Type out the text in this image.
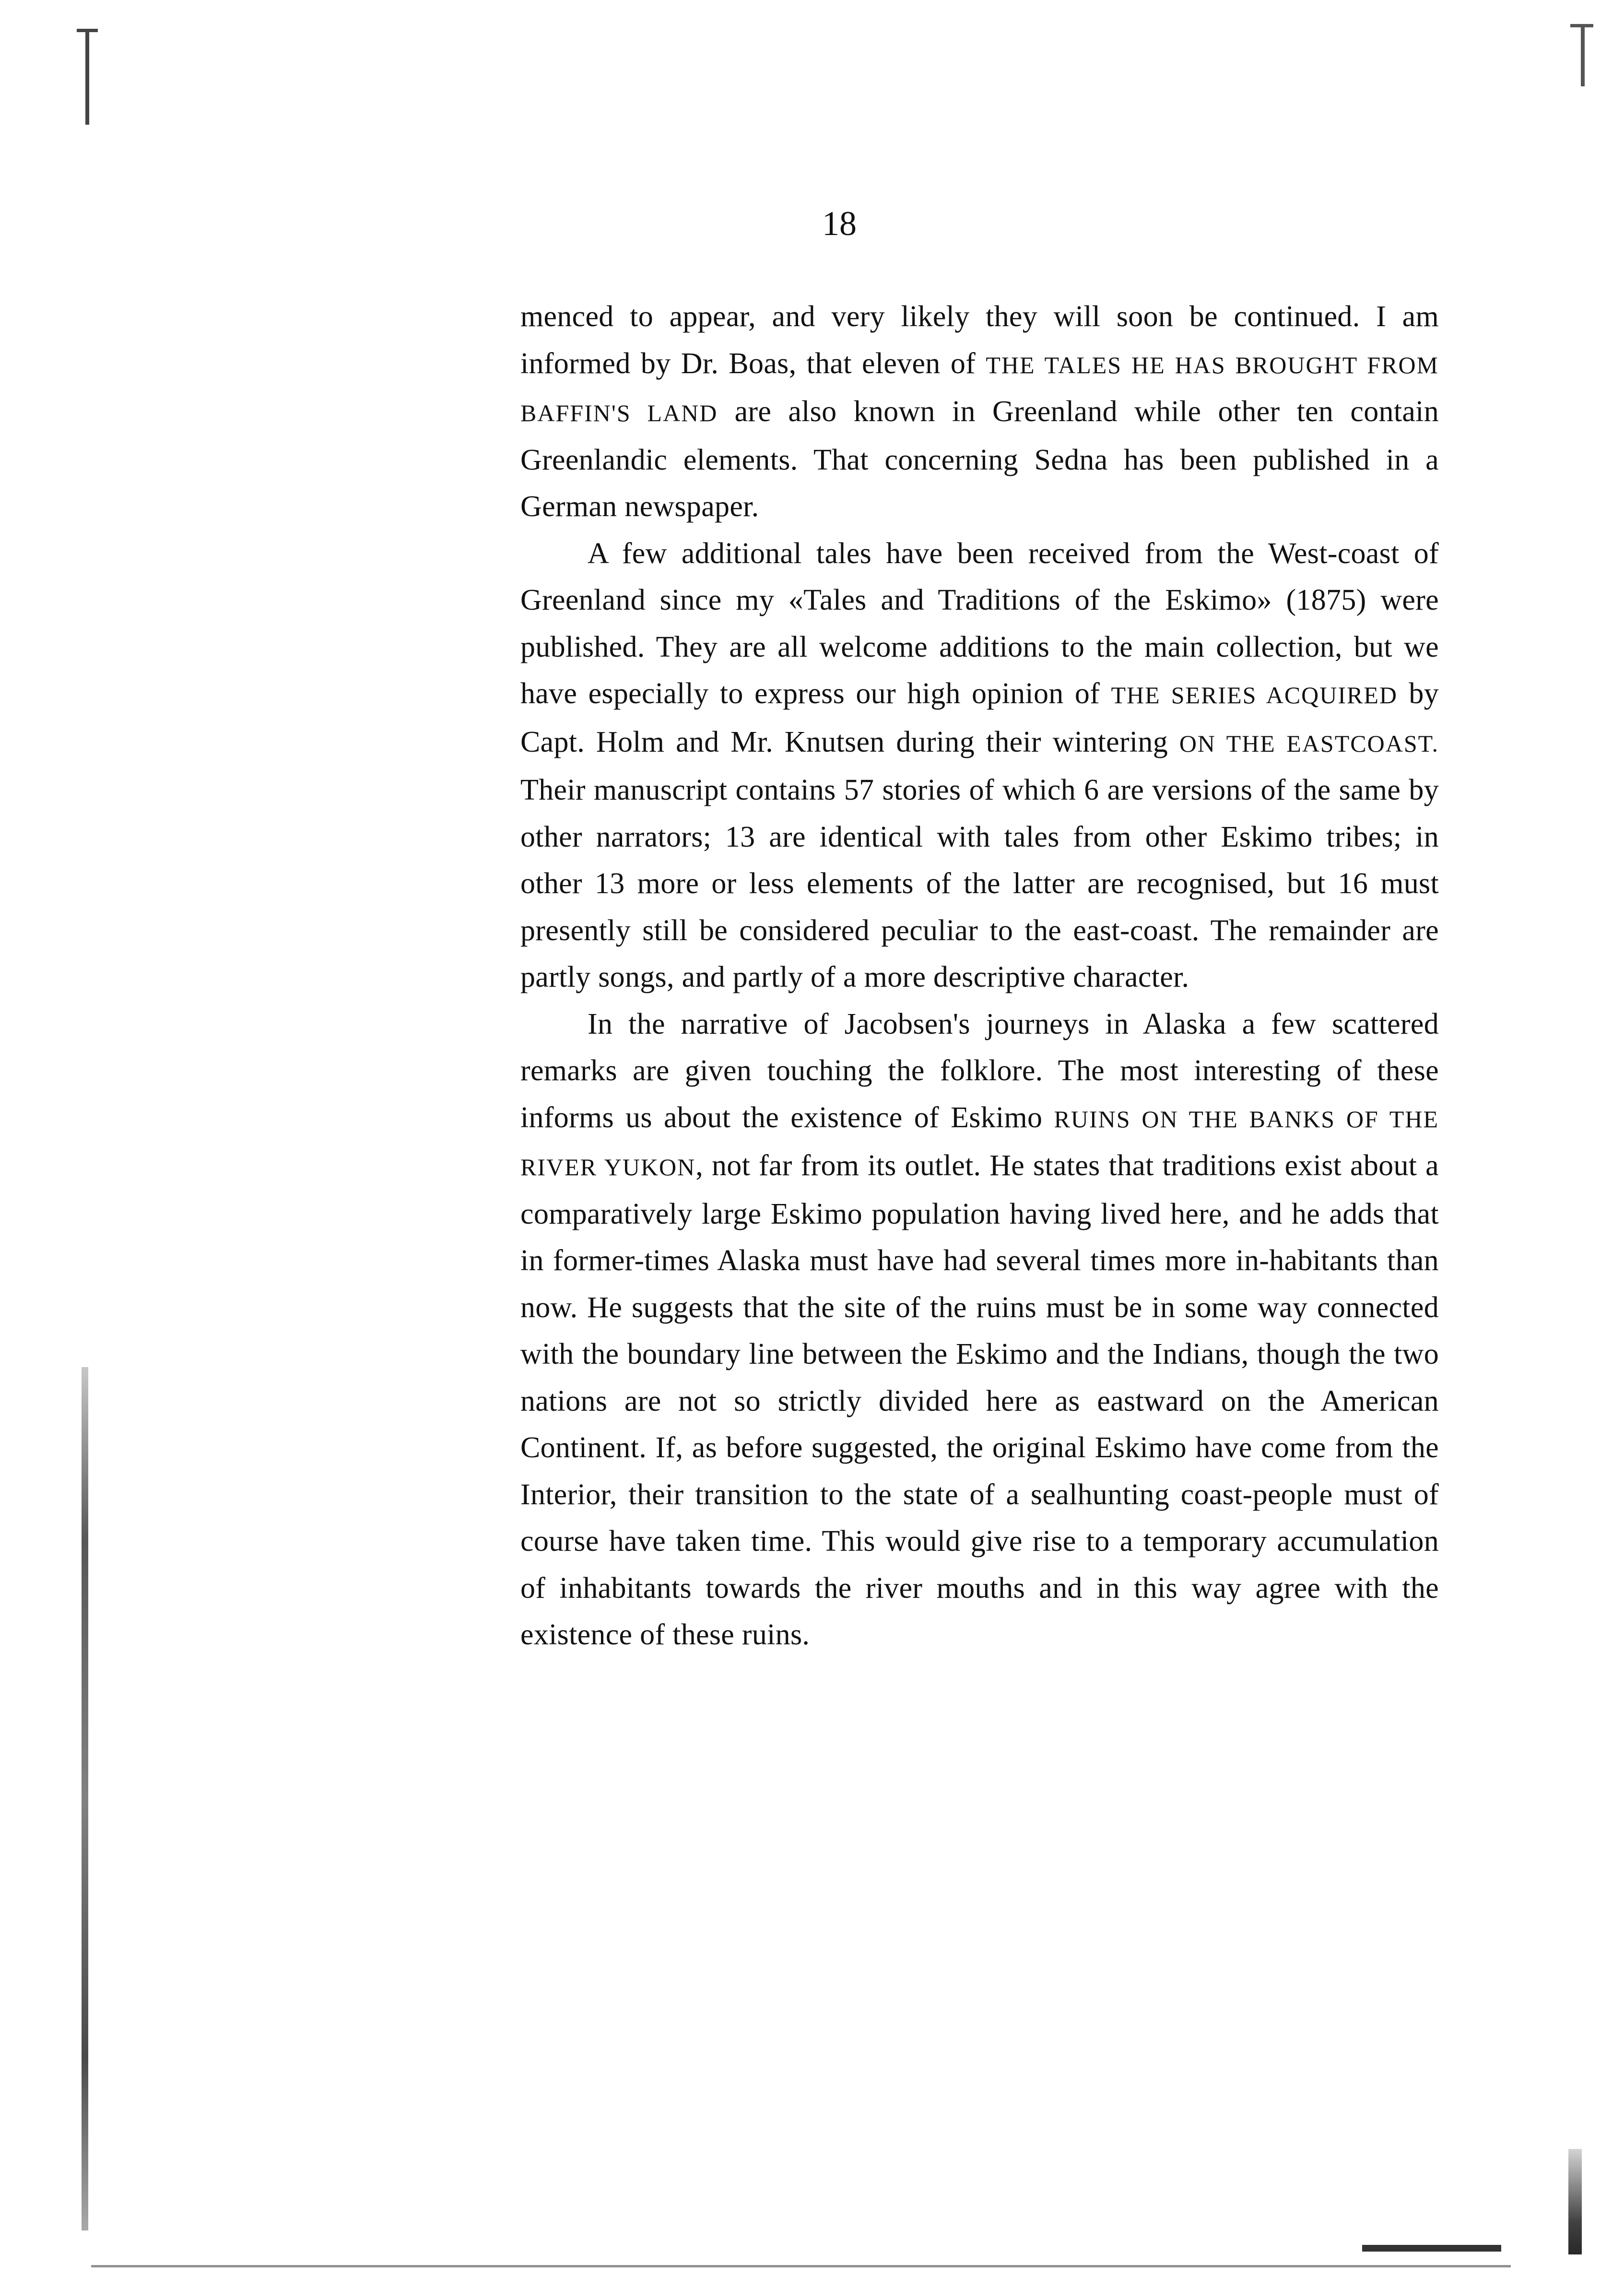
18

menced to appear, and very likely they will soon be continued. I am informed by Dr. Boas, that eleven of THE TALES HE HAS BROUGHT FROM BAFFIN'S LAND are also known in Greenland while other ten contain Greenlandic elements. That concerning Sedna has been published in a German newspaper.

A few additional tales have been received from the West-coast of Greenland since my «Tales and Traditions of the Eskimo» (1875) were published. They are all welcome additions to the main collection, but we have especially to express our high opinion of THE SERIES ACQUIRED by Capt. Holm and Mr. Knutsen during their wintering ON THE EASTCOAST. Their manuscript contains 57 stories of which 6 are versions of the same by other narrators; 13 are identical with tales from other Eskimo tribes; in other 13 more or less elements of the latter are recognised, but 16 must presently still be considered peculiar to the east-coast. The remainder are partly songs, and partly of a more descriptive character.

In the narrative of Jacobsen's journeys in Alaska a few scattered remarks are given touching the folklore. The most interesting of these informs us about the existence of Eskimo RUINS ON THE BANKS OF THE RIVER YUKON, not far from its outlet. He states that traditions exist about a comparatively large Eskimo population having lived here, and he adds that in former-times Alaska must have had several times more in-habitants than now. He suggests that the site of the ruins must be in some way connected with the boundary line between the Eskimo and the Indians, though the two nations are not so strictly divided here as eastward on the American Continent. If, as before suggested, the original Eskimo have come from the Interior, their transition to the state of a sealhunting coast-people must of course have taken time. This would give rise to a temporary accumulation of inhabitants towards the river mouths and in this way agree with the existence of these ruins.
